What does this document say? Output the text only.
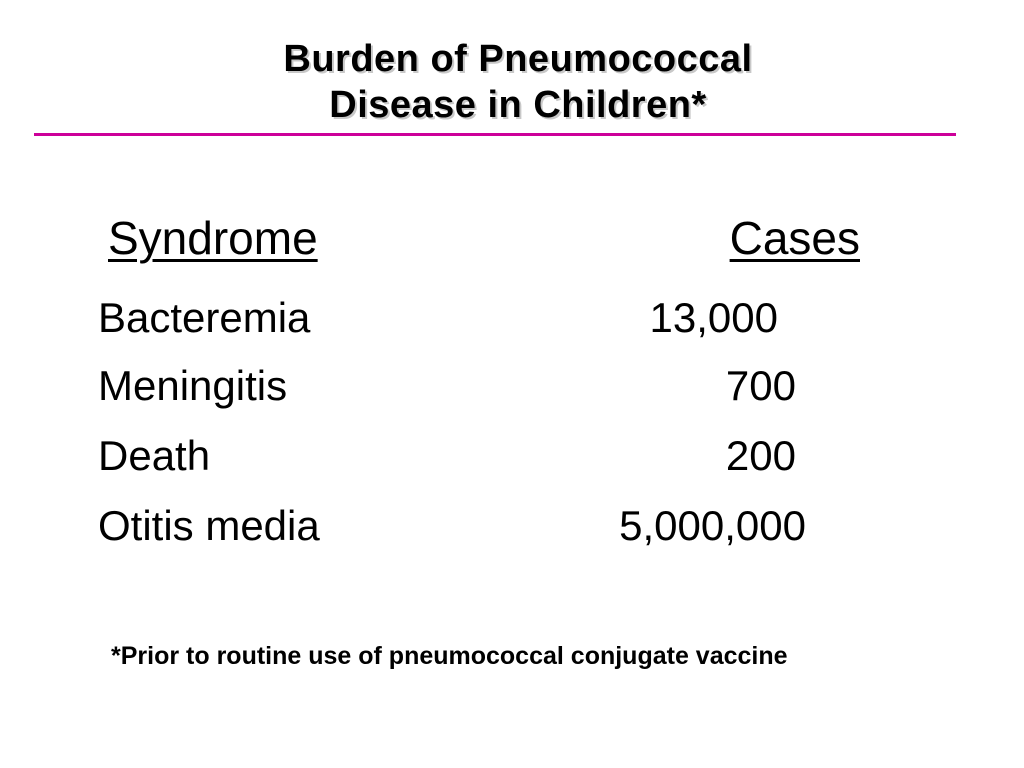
Burden of Pneumococcal
Disease in Children*
Syndrome	Cases
Bacteremia	13,000
Meningitis	700
Death	200
Otitis media	5,000,000
*Prior to routine use of pneumococcal conjugate vaccine
